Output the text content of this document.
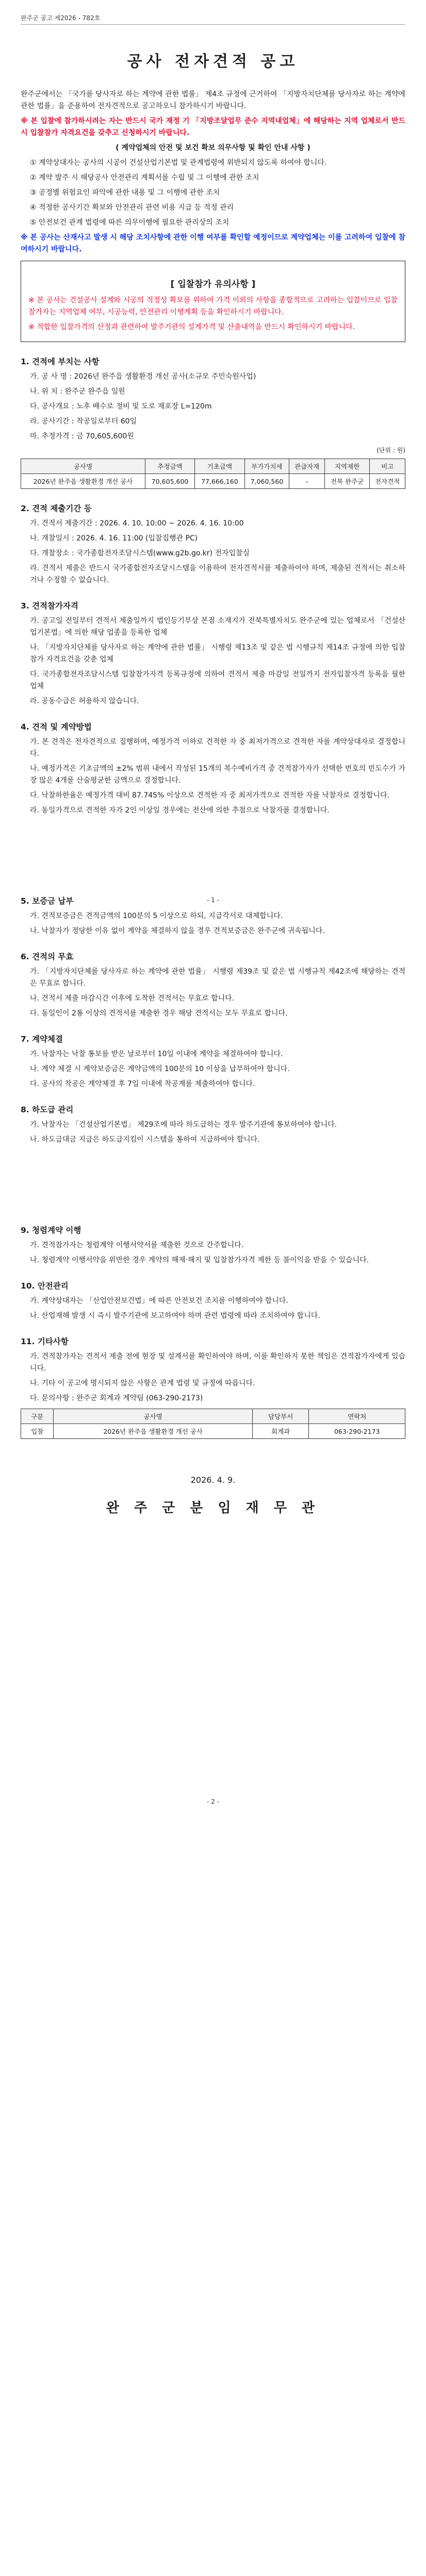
완주군 공고 제2026 - 782호
공사 전자견적 공고

완주군에서는 「국가를 당사자로 하는 계약에 관한 법률」 제4조 규정에 근거하여 「지방자치단체를 당사자로 하는 계약에 관한 법률」을 준용하여 전자견적으로 공고하오니 참가하시기 바랍니다.

※ 본 입찰에 참가하시려는 자는 반드시 국가 재정 기 「지방조달업무 준수 지역내업체」에 해당하는 지역 업체로서 반드시 입찰참가 자격요건을 갖추고 신청하시기 바랍니다.

( 계약업체의 안전 및 보건 확보 의무사항 및 확인 안내 사항 )

① 계약상대자는 공사의 시공이 건설산업기본법 및 관계법령에 위반되지 않도록 하여야 합니다.

② 계약 발주 시 해당공사 안전관리 계획서를 수립 및 그 이행에 관한 조치

③ 공정별 위험요인 파악에 관한 내용 및 그 이행에 관한 조치

④ 적정한 공사기간 확보와 안전관리 관련 비용 지급 등 적정 관리

⑤ 안전보건 관계 법령에 따른 의무이행에 필요한 관리상의 조치

※ 본 공사는 산재사고 발생 시 해당 조치사항에 관한 이행 여부를 확인할 예정이므로 계약업체는 이를 고려하여 입찰에 참여하시기 바랍니다.

[ 입찰참가 유의사항 ]

※ 본 공사는 건설공사 설계와 시공의 적정성 확보를 위하여 가격 이외의 사항을 종합적으로 고려하는 입찰이므로 입찰 참가자는 지역업체 여부, 시공능력, 안전관리 이행계획 등을 확인하시기 바랍니다.

※ 적합한 입찰가격의 산정과 관련하여 발주기관의 설계가격 및 산출내역을 반드시 확인하시기 바랍니다.

1. 견적에 부치는 사항

가. 공 사 명 : 2026년 완주읍 생활환경 개선 공사(소규모 주민숙원사업)

나. 위 치 : 완주군 완주읍 일원

다. 공사개요 : 노후 배수로 정비 및 도로 재포장 L=120m

라. 공사기간 : 착공일로부터 60일

마. 추정가격 : 금 70,605,600원

(단위 : 원)
공사명	추정금액	기초금액	부가가치세	관급자재	지역제한	비고
2026년 완주읍 생활환경 개선 공사	70,605,600	77,666,160	7,060,560	-	전북 완주군	전자견적
2. 견적 제출기간 등

가. 견적서 제출기간 : 2026. 4. 10. 10:00 ~ 2026. 4. 16. 10:00

나. 개찰일시 : 2026. 4. 16. 11:00 (입찰집행관 PC)

다. 개찰장소 : 국가종합전자조달시스템(www.g2b.go.kr) 전자입찰실

라. 견적서 제출은 반드시 국가종합전자조달시스템을 이용하여 전자견적서를 제출하여야 하며, 제출된 견적서는 취소하거나 수정할 수 없습니다.

3. 견적참가자격

가. 공고일 전일부터 견적서 제출일까지 법인등기부상 본점 소재지가 전북특별자치도 완주군에 있는 업체로서 「건설산업기본법」에 의한 해당 업종을 등록한 업체

나. 「지방자치단체를 당사자로 하는 계약에 관한 법률」 시행령 제13조 및 같은 법 시행규칙 제14조 규정에 의한 입찰참가 자격요건을 갖춘 업체

다. 국가종합전자조달시스템 입찰참가자격 등록규정에 의하여 견적서 제출 마감일 전일까지 전자입찰자격 등록을 필한 업체

라. 공동수급은 허용하지 않습니다.

4. 견적 및 계약방법

가. 본 견적은 전자견적으로 집행하며, 예정가격 이하로 견적한 자 중 최저가격으로 견적한 자를 계약상대자로 결정합니다.

나. 예정가격은 기초금액의 ±2% 범위 내에서 작성된 15개의 복수예비가격 중 견적참가자가 선택한 번호의 빈도수가 가장 많은 4개를 산술평균한 금액으로 결정합니다.

다. 낙찰하한율은 예정가격 대비 87.745% 이상으로 견적한 자 중 최저가격으로 견적한 자를 낙찰자로 결정합니다.

라. 동일가격으로 견적한 자가 2인 이상일 경우에는 전산에 의한 추첨으로 낙찰자를 결정합니다.

5. 보증금 납부

가. 견적보증금은 견적금액의 100분의 5 이상으로 하되, 지급각서로 대체합니다.

나. 낙찰자가 정당한 이유 없이 계약을 체결하지 않을 경우 견적보증금은 완주군에 귀속됩니다.

6. 견적의 무효

가. 「지방자치단체를 당사자로 하는 계약에 관한 법률」 시행령 제39조 및 같은 법 시행규칙 제42조에 해당하는 견적은 무효로 합니다.

나. 견적서 제출 마감시간 이후에 도착한 견적서는 무효로 합니다.

다. 동일인이 2통 이상의 견적서를 제출한 경우 해당 견적서는 모두 무효로 합니다.

7. 계약체결

가. 낙찰자는 낙찰 통보를 받은 날로부터 10일 이내에 계약을 체결하여야 합니다.

나. 계약 체결 시 계약보증금은 계약금액의 100분의 10 이상을 납부하여야 합니다.

다. 공사의 착공은 계약체결 후 7일 이내에 착공계를 제출하여야 합니다.

8. 하도급 관리

가. 낙찰자는 「건설산업기본법」 제29조에 따라 하도급하는 경우 발주기관에 통보하여야 합니다.

나. 하도급대금 지급은 하도급지킴이 시스템을 통하여 지급하여야 합니다.

9. 청렴계약 이행

가. 견적참가자는 청렴계약 이행서약서를 제출한 것으로 간주합니다.

나. 청렴계약 이행서약을 위반한 경우 계약의 해제·해지 및 입찰참가자격 제한 등 불이익을 받을 수 있습니다.

10. 안전관리

가. 계약상대자는 「산업안전보건법」에 따른 안전보건 조치를 이행하여야 합니다.

나. 산업재해 발생 시 즉시 발주기관에 보고하여야 하며 관련 법령에 따라 조치하여야 합니다.

11. 기타사항

가. 견적참가자는 견적서 제출 전에 현장 및 설계서를 확인하여야 하며, 이를 확인하지 못한 책임은 견적참가자에게 있습니다.

나. 기타 이 공고에 명시되지 않은 사항은 관계 법령 및 규정에 따릅니다.

다. 문의사항 : 완주군 회계과 계약팀 (063-290-2173)

구분	공사명	담당부서	연락처
입찰	2026년 완주읍 생활환경 개선 공사	회계과	063-290-2173
2026. 4. 9.
완 주 군 분 임 재 무 관
- 1 -
- 2 -
